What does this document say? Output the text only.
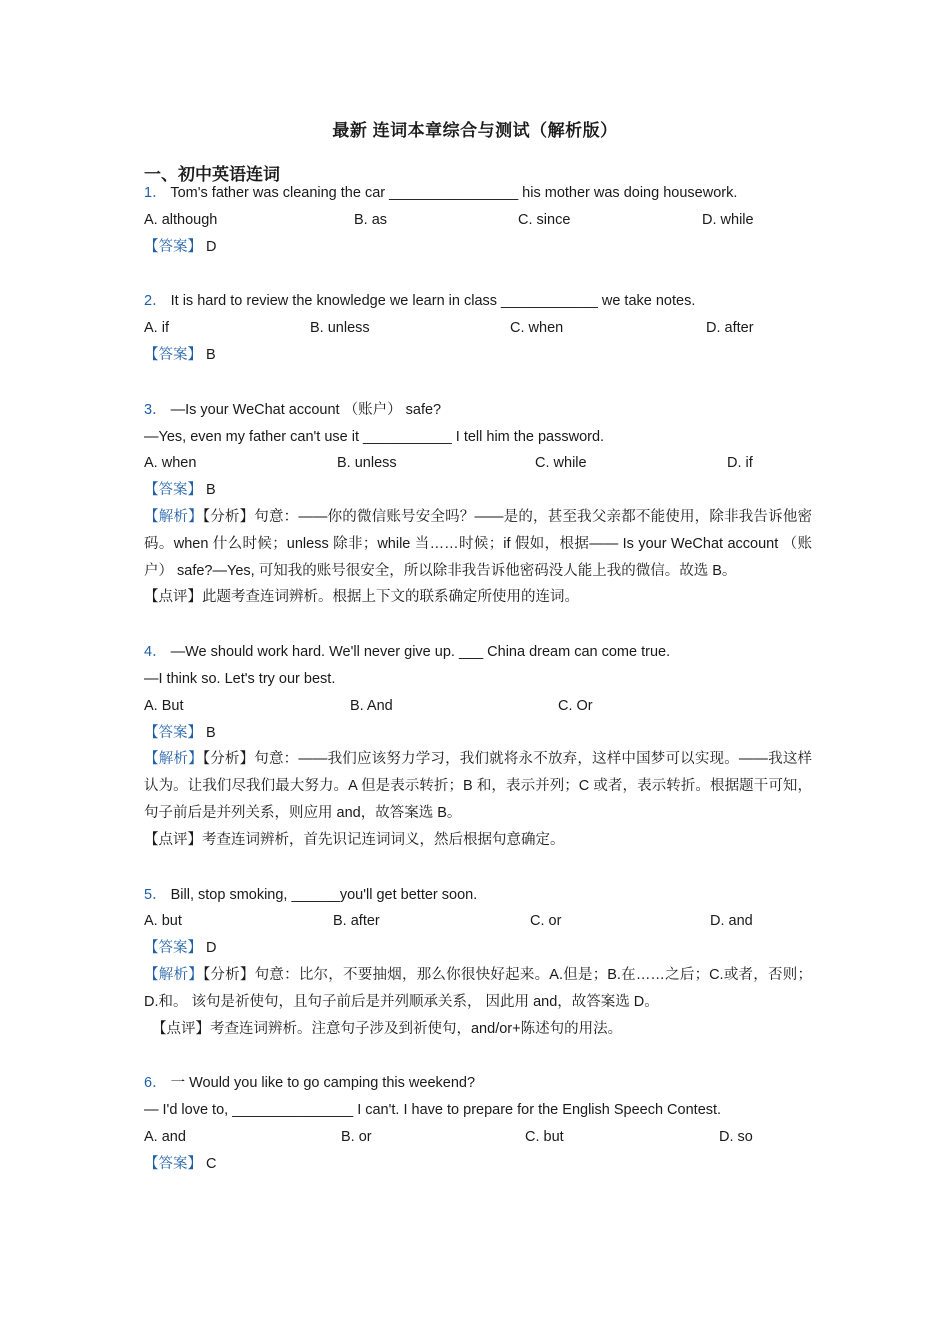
最新 连词本章综合与测试（解析版）
一、初中英语连词
1． Tom's father was cleaning the car ________________ his mother was doing housework.
A. although	B. as	C. since	D. while
【答案】 D
2． It is hard to review the knowledge we learn in class ____________ we take notes.
A. if	B. unless	C. when	D. after
【答案】 B
3． —Is your WeChat account （账户） safe?
—Yes, even my father can't use it ___________ I tell him the password.
A. when	B. unless	C. while	D. if
【答案】 B
【解析】【分析】句意：——你的微信账号安全吗？——是的，甚至我父亲都不能使用，除非我告诉他密码。when 什么时候；unless 除非；while 当……时候；if 假如，根据—— Is your WeChat account （账户） safe?—Yes, 可知我的账号很安全，所以除非我告诉他密码没人能上我的微信。故选 B。
【点评】此题考查连词辨析。根据上下文的联系确定所使用的连词。
4． —We should work hard. We'll never give up. ___ China dream can come true.
—I think so. Let's try our best.
A. But	B. And	C. Or
【答案】 B
【解析】【分析】句意：——我们应该努力学习，我们就将永不放弃，这样中国梦可以实现。——我这样认为。让我们尽我们最大努力。A 但是表示转折；B 和，表示并列；C 或者，表示转折。根据题干可知，句子前后是并列关系，则应用 and，故答案选 B。
【点评】考查连词辨析，首先识记连词词义，然后根据句意确定。
5． Bill, stop smoking, ______you'll get better soon.
A. but	B. after	C. or	D. and
【答案】 D
【解析】【分析】句意：比尔，不要抽烟，那么你很快好起来。A.但是；B.在……之后；C.或者，否则；D.和。 该句是祈使句，且句子前后是并列顺承关系， 因此用 and，故答案选 D。
【点评】考查连词辨析。注意句子涉及到祈使句，and/or+陈述句的用法。
6． 一 Would you like to go camping this weekend?
— I'd love to, _______________ I can't. I have to prepare for the English Speech Contest.
A. and	B. or	C. but	D. so
【答案】 C
